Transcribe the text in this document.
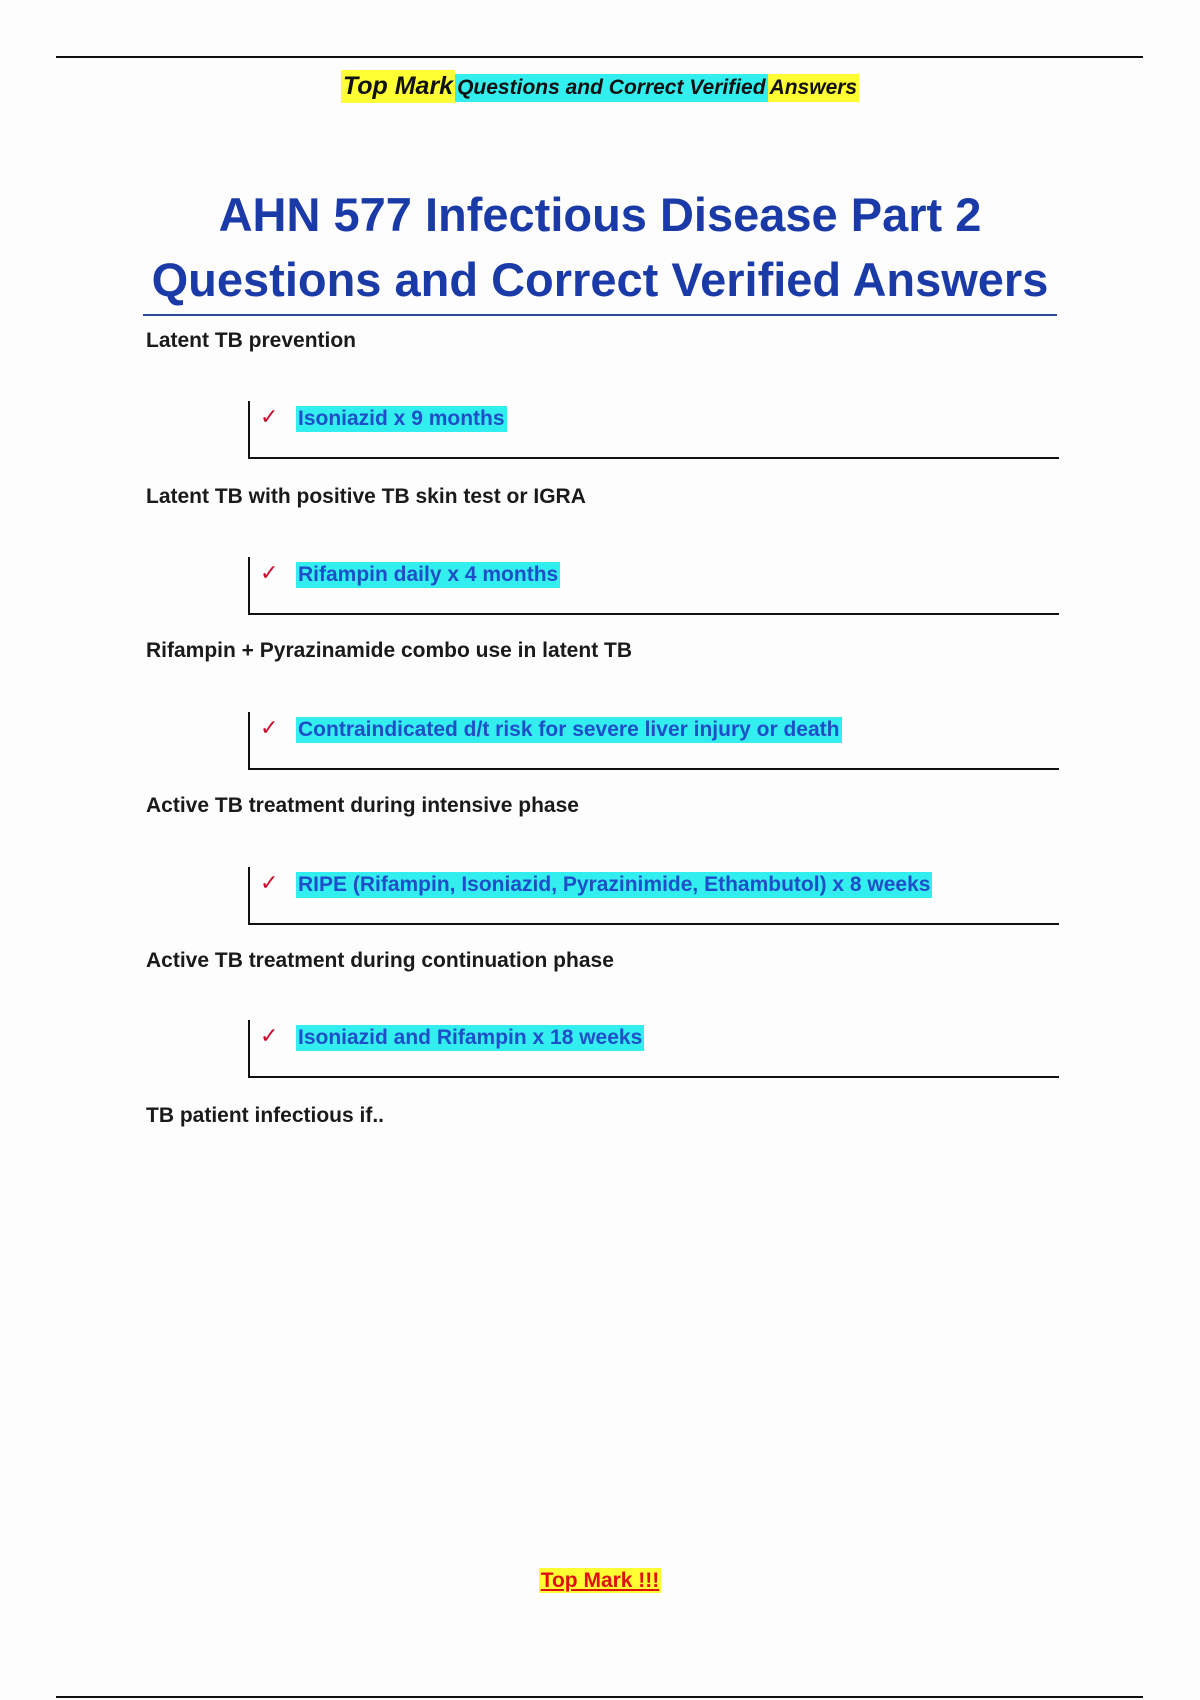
Top Mark Questions and Correct Verified Answers
AHN 577 Infectious Disease Part 2
Questions and Correct Verified Answers
Latent TB prevention
✓ Isoniazid x 9 months
Latent TB with positive TB skin test or IGRA
✓ Rifampin daily x 4 months
Rifampin + Pyrazinamide combo use in latent TB
✓ Contraindicated d/t risk for severe liver injury or death
Active TB treatment during intensive phase
✓ RIPE (Rifampin, Isoniazid, Pyrazinimide, Ethambutol) x 8 weeks
Active TB treatment during continuation phase
✓ Isoniazid and Rifampin x 18 weeks
TB patient infectious if..
Top Mark !!!
